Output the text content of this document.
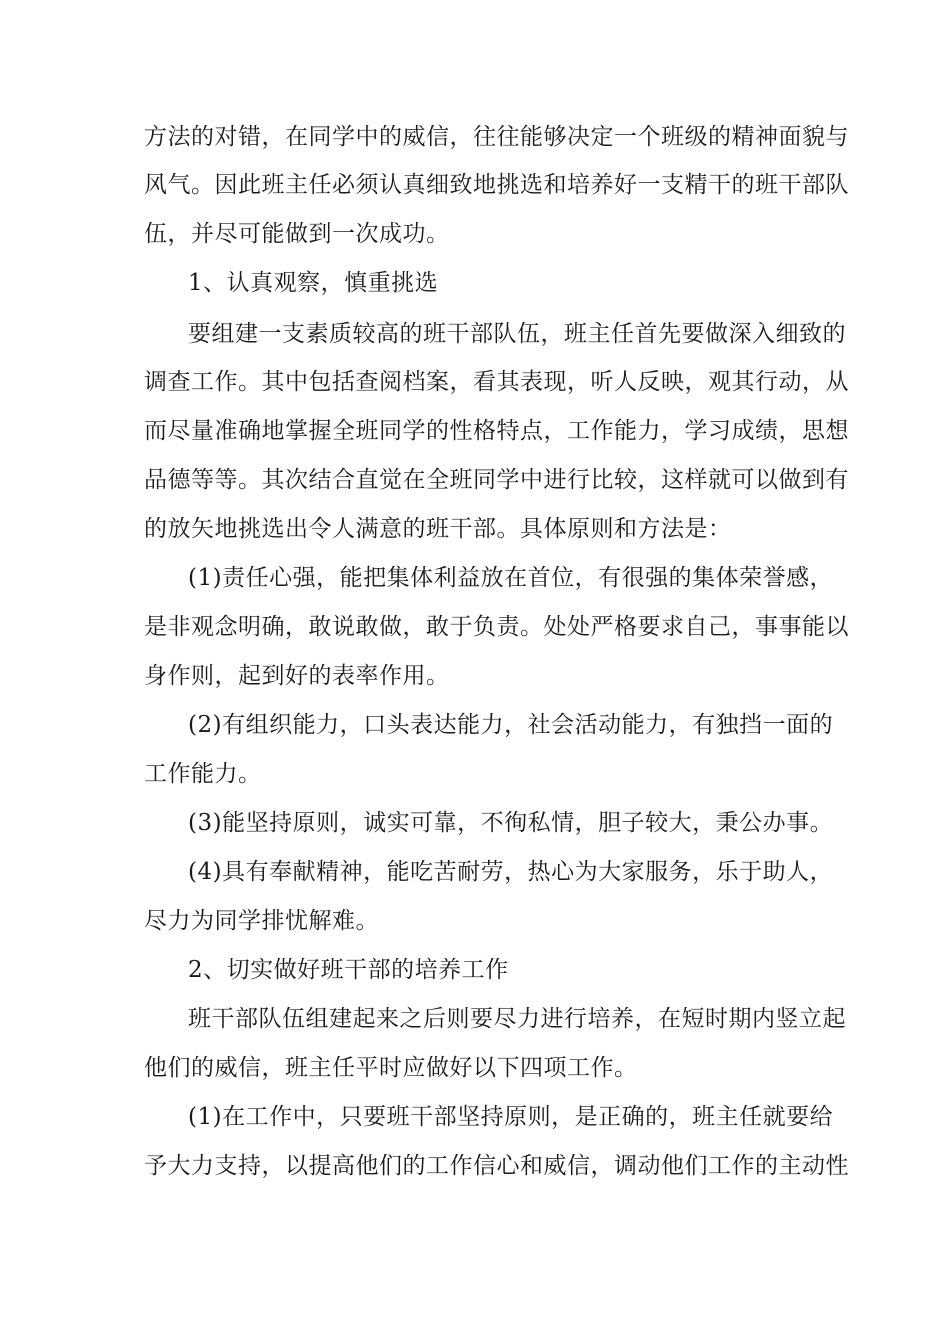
方法的对错，在同学中的威信，往往能够决定一个班级的精神面貌与
风气。因此班主任必须认真细致地挑选和培养好一支精干的班干部队
伍，并尽可能做到一次成功。
1、认真观察，慎重挑选
要组建一支素质较高的班干部队伍，班主任首先要做深入细致的
调查工作。其中包括查阅档案，看其表现，听人反映，观其行动，从
而尽量准确地掌握全班同学的性格特点，工作能力，学习成绩，思想
品德等等。其次结合直觉在全班同学中进行比较，这样就可以做到有
的放矢地挑选出令人满意的班干部。具体原则和方法是：
(1)责任心强，能把集体利益放在首位，有很强的集体荣誉感，
是非观念明确，敢说敢做，敢于负责。处处严格要求自己，事事能以
身作则，起到好的表率作用。
(2)有组织能力，口头表达能力，社会活动能力，有独挡一面的
工作能力。
(3)能坚持原则，诚实可靠，不徇私情，胆子较大，秉公办事。
(4)具有奉献精神，能吃苦耐劳，热心为大家服务，乐于助人，
尽力为同学排忧解难。
2、切实做好班干部的培养工作
班干部队伍组建起来之后则要尽力进行培养，在短时期内竖立起
他们的威信，班主任平时应做好以下四项工作。
(1)在工作中，只要班干部坚持原则，是正确的，班主任就要给
予大力支持，以提高他们的工作信心和威信，调动他们工作的主动性
